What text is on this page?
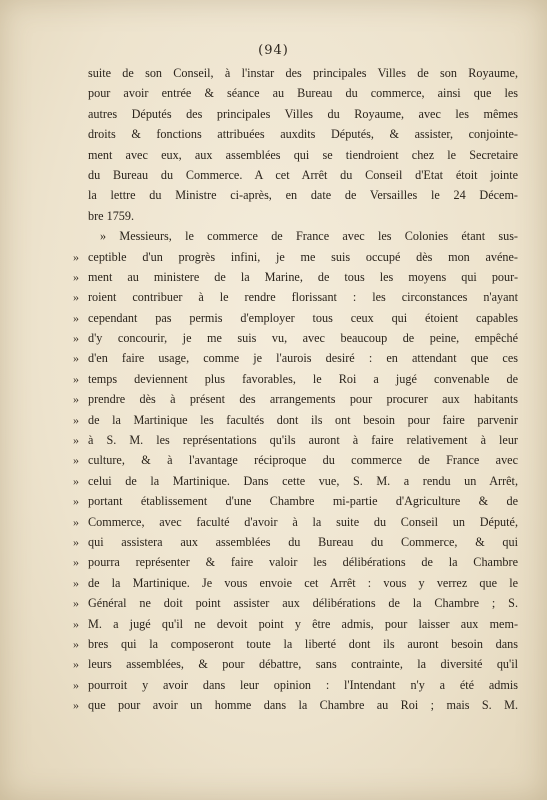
(94)
suite de son Conseil, à l'instar des principales Villes de son Royaume,
pour avoir entrée & séance au Bureau du commerce, ainsi que les
autres Députés des principales Villes du Royaume, avec les mêmes
droits & fonctions attribuées auxdits Députés, & assister, conjointe-
ment avec eux, aux assemblées qui se tiendroient chez le Secretaire
du Bureau du Commerce. A cet Arrêt du Conseil d'Etat étoit jointe
la lettre du Ministre ci-après, en date de Versailles le 24 Décem-
bre 1759.
» Messieurs, le commerce de France avec les Colonies étant sus-
» ceptible d'un progrès infini, je me suis occupé dès mon avéne-
» ment au ministere de la Marine, de tous les moyens qui pour-
» roient contribuer à le rendre florissant : les circonstances n'ayant
» cependant pas permis d'employer tous ceux qui étoient capables
» d'y concourir, je me suis vu, avec beaucoup de peine, empêché
» d'en faire usage, comme je l'aurois desiré : en attendant que ces
» temps deviennent plus favorables, le Roi a jugé convenable de
» prendre dès à présent des arrangements pour procurer aux habitants
» de la Martinique les facultés dont ils ont besoin pour faire parvenir
» à S. M. les représentations qu'ils auront à faire relativement à leur
» culture, & à l'avantage réciproque du commerce de France avec
» celui de la Martinique. Dans cette vue, S. M. a rendu un Arrêt,
» portant établissement d'une Chambre mi-partie d'Agriculture & de
» Commerce, avec faculté d'avoir à la suite du Conseil un Député,
» qui assistera aux assemblées du Bureau du Commerce, & qui
» pourra représenter & faire valoir les délibérations de la Chambre
» de la Martinique. Je vous envoie cet Arrêt : vous y verrez que le
» Général ne doit point assister aux délibérations de la Chambre ; S.
» M. a jugé qu'il ne devoit point y être admis, pour laisser aux mem-
» bres qui la composeront toute la liberté dont ils auront besoin dans
» leurs assemblées, & pour débattre, sans contrainte, la diversité qu'il
» pourroit y avoir dans leur opinion : l'Intendant n'y a été admis
» que pour avoir un homme dans la Chambre au Roi ; mais S. M.
